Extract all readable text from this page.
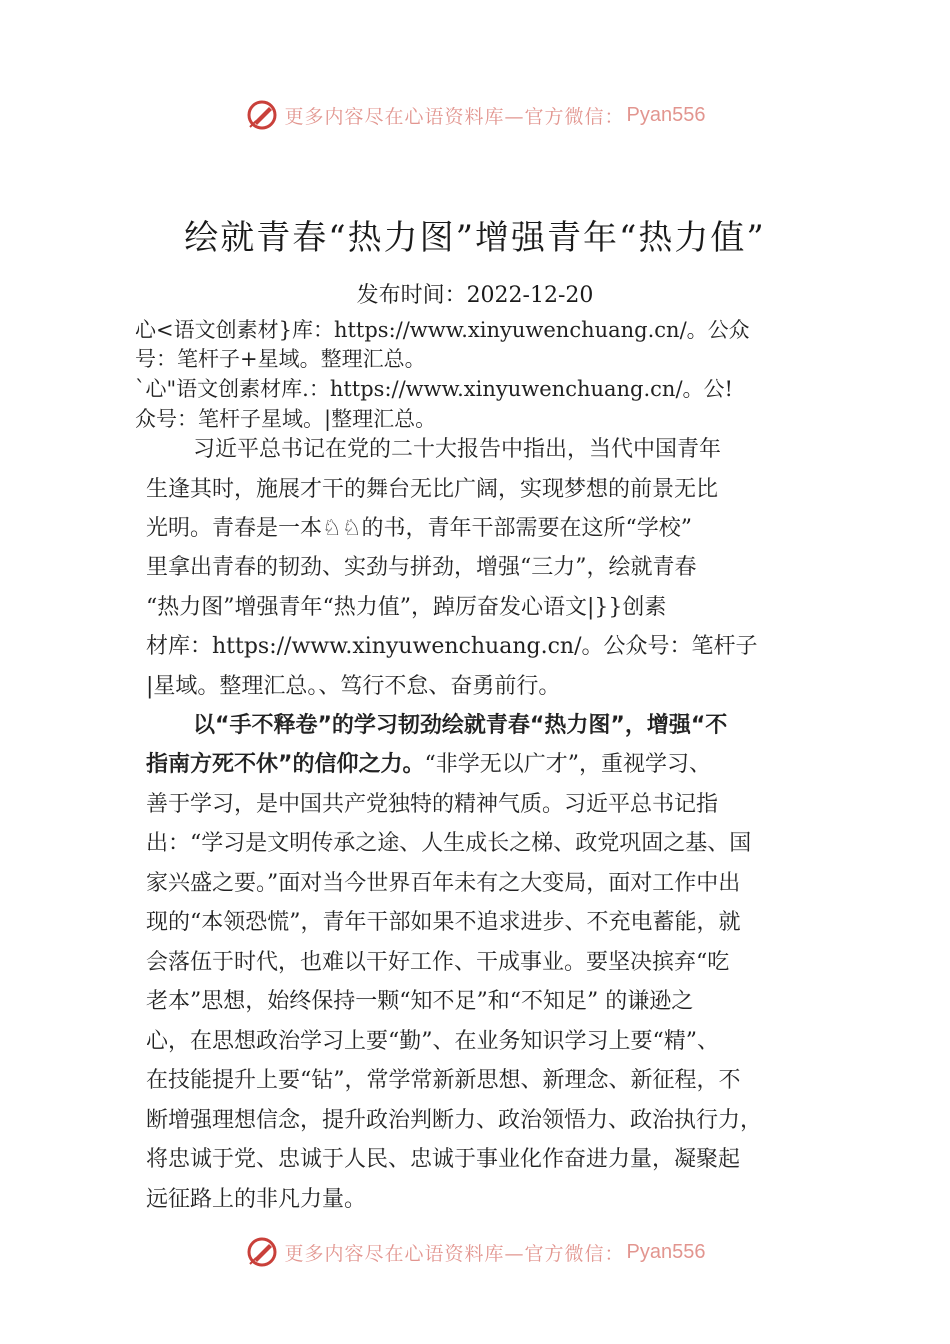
更多内容尽在心语资料库—官方微信： Pyan556
绘就青春“热力图”增强青年“热力值”
发布时间：2022-12-20
心<语文创素材}库：https://www.xinyuwenchuang.cn/。公众
号：笔杆子+星域。整理汇总。
`心"语文创素材库.：https://www.xinyuwenchuang.cn/。公!
众号：笔杆子星域。|整理汇总。
习近平总书记在党的二十大报告中指出，当代中国青年
生逢其时，施展才干的舞台无比广阔，实现梦想的前景无比
光明。青春是一本♘♘的书，青年干部需要在这所“学校”
里拿出青春的韧劲、实劲与拼劲，增强“三力”，绘就青春
“热力图”增强青年“热力值”，踔厉奋发心语文|}}创素
材库：https://www.xinyuwenchuang.cn/。公众号：笔杆子
|星域。整理汇总。、笃行不怠、奋勇前行。
以“手不释卷”的学习韧劲绘就青春“热力图”，增强“不
指南方死不休”的信仰之力。“非学无以广才”，重视学习、
善于学习，是中国共产党独特的精神气质。习近平总书记指
出：“学习是文明传承之途、人生成长之梯、政党巩固之基、国
家兴盛之要。”面对当今世界百年未有之大变局，面对工作中出
现的“本领恐慌”，青年干部如果不追求进步、不充电蓄能，就
会落伍于时代，也难以干好工作、干成事业。要坚决摈弃“吃
老本”思想，始终保持一颗“知不足”和“不知足” 的谦逊之
心，在思想政治学习上要“勤”、在业务知识学习上要“精”、
在技能提升上要“钻”，常学常新新思想、新理念、新征程，不
断增强理想信念，提升政治判断力、政治领悟力、政治执行力，
将忠诚于党、忠诚于人民、忠诚于事业化作奋进力量，凝聚起
远征路上的非凡力量。
更多内容尽在心语资料库—官方微信： Pyan556
